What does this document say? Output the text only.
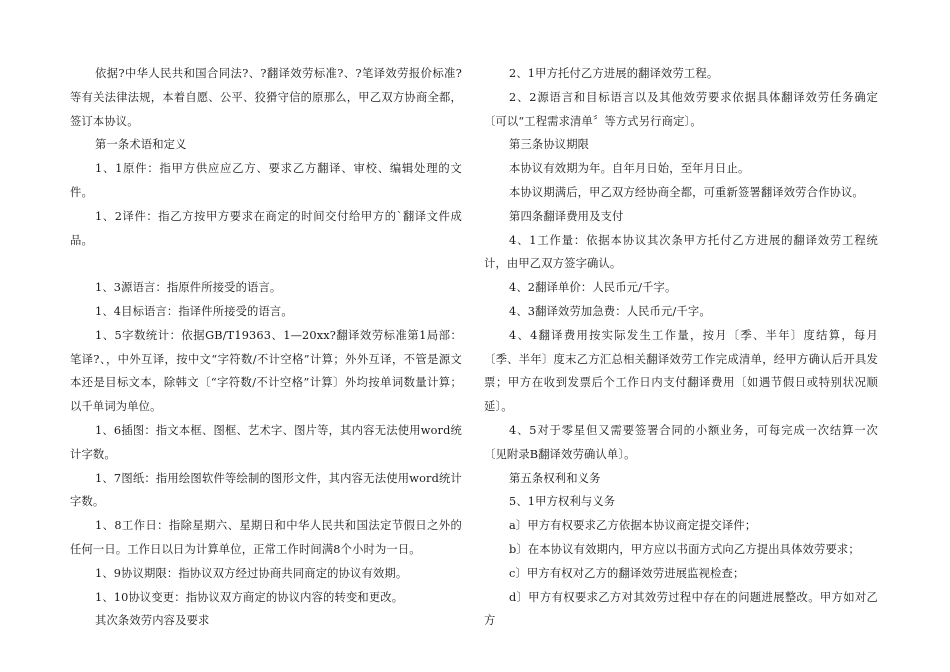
依据?中华人民共和国合同法?、?翻译效劳标准?、?笔译效劳报价标准?等有关法律法规，本着自愿、公平、狡猾守信的原那么，甲乙双方协商全都，签订本协议。

第一条术语和定义

1、1原件：指甲方供应应乙方、要求乙方翻译、审校、编辑处理的文件。

1、2译件：指乙方按甲方要求在商定的时间交付给甲方的`翻译文件成品。

1、3源语言：指原件所接受的语言。

1、4目标语言：指译件所接受的语言。

1、5字数统计：依据GB/T19363、1—20xx?翻译效劳标准第1局部：笔译?、，中外互译，按中文“字符数/不计空格”计算；外外互译，不管是源文本还是目标文本，除韩文〔“字符数/不计空格”计算〕外均按单词数量计算；以千单词为单位。

1、6插图：指文本框、图框、艺术字、图片等，其内容无法使用word统计字数。

1、7图纸：指用绘图软件等绘制的图形文件，其内容无法使用word统计字数。

1、8工作日：指除星期六、星期日和中华人民共和国法定节假日之外的任何一日。工作日以日为计算单位，正常工作时间满8个小时为一日。

1、9协议期限：指协议双方经过协商共同商定的协议有效期。

1、10协议变更：指协议双方商定的协议内容的转变和更改。

其次条效劳内容及要求

2、1甲方托付乙方进展的翻译效劳工程。

2、2源语言和目标语言以及其他效劳要求依据具体翻译效劳任务确定〔可以“工程需求清单〞等方式另行商定〕。

第三条协议期限

本协议有效期为年。自年月日始，至年月日止。

本协议期满后，甲乙双方经协商全都，可重新签署翻译效劳合作协议。

第四条翻译费用及支付

4、1工作量：依据本协议其次条甲方托付乙方进展的翻译效劳工程统计，由甲乙双方签字确认。

4、2翻译单价：人民币元/千字。

4、3翻译效劳加急费：人民币元/千字。

4、4翻译费用按实际发生工作量，按月〔季、半年〕度结算，每月〔季、半年〕度末乙方汇总相关翻译效劳工作完成清单，经甲方确认后开具发票；甲方在收到发票后个工作日内支付翻译费用〔如遇节假日或特别状况顺延〕。

4、5对于零星但又需要签署合同的小额业务，可每完成一次结算一次〔见附录B翻译效劳确认单〕。

第五条权利和义务

5、1甲方权利与义务

a〕甲方有权要求乙方依据本协议商定提交译件；

b〕在本协议有效期内，甲方应以书面方式向乙方提出具体效劳要求；

c〕甲方有权对乙方的翻译效劳进展监视检查；

d〕甲方有权要求乙方对其效劳过程中存在的问题进展整改。甲方如对乙方
